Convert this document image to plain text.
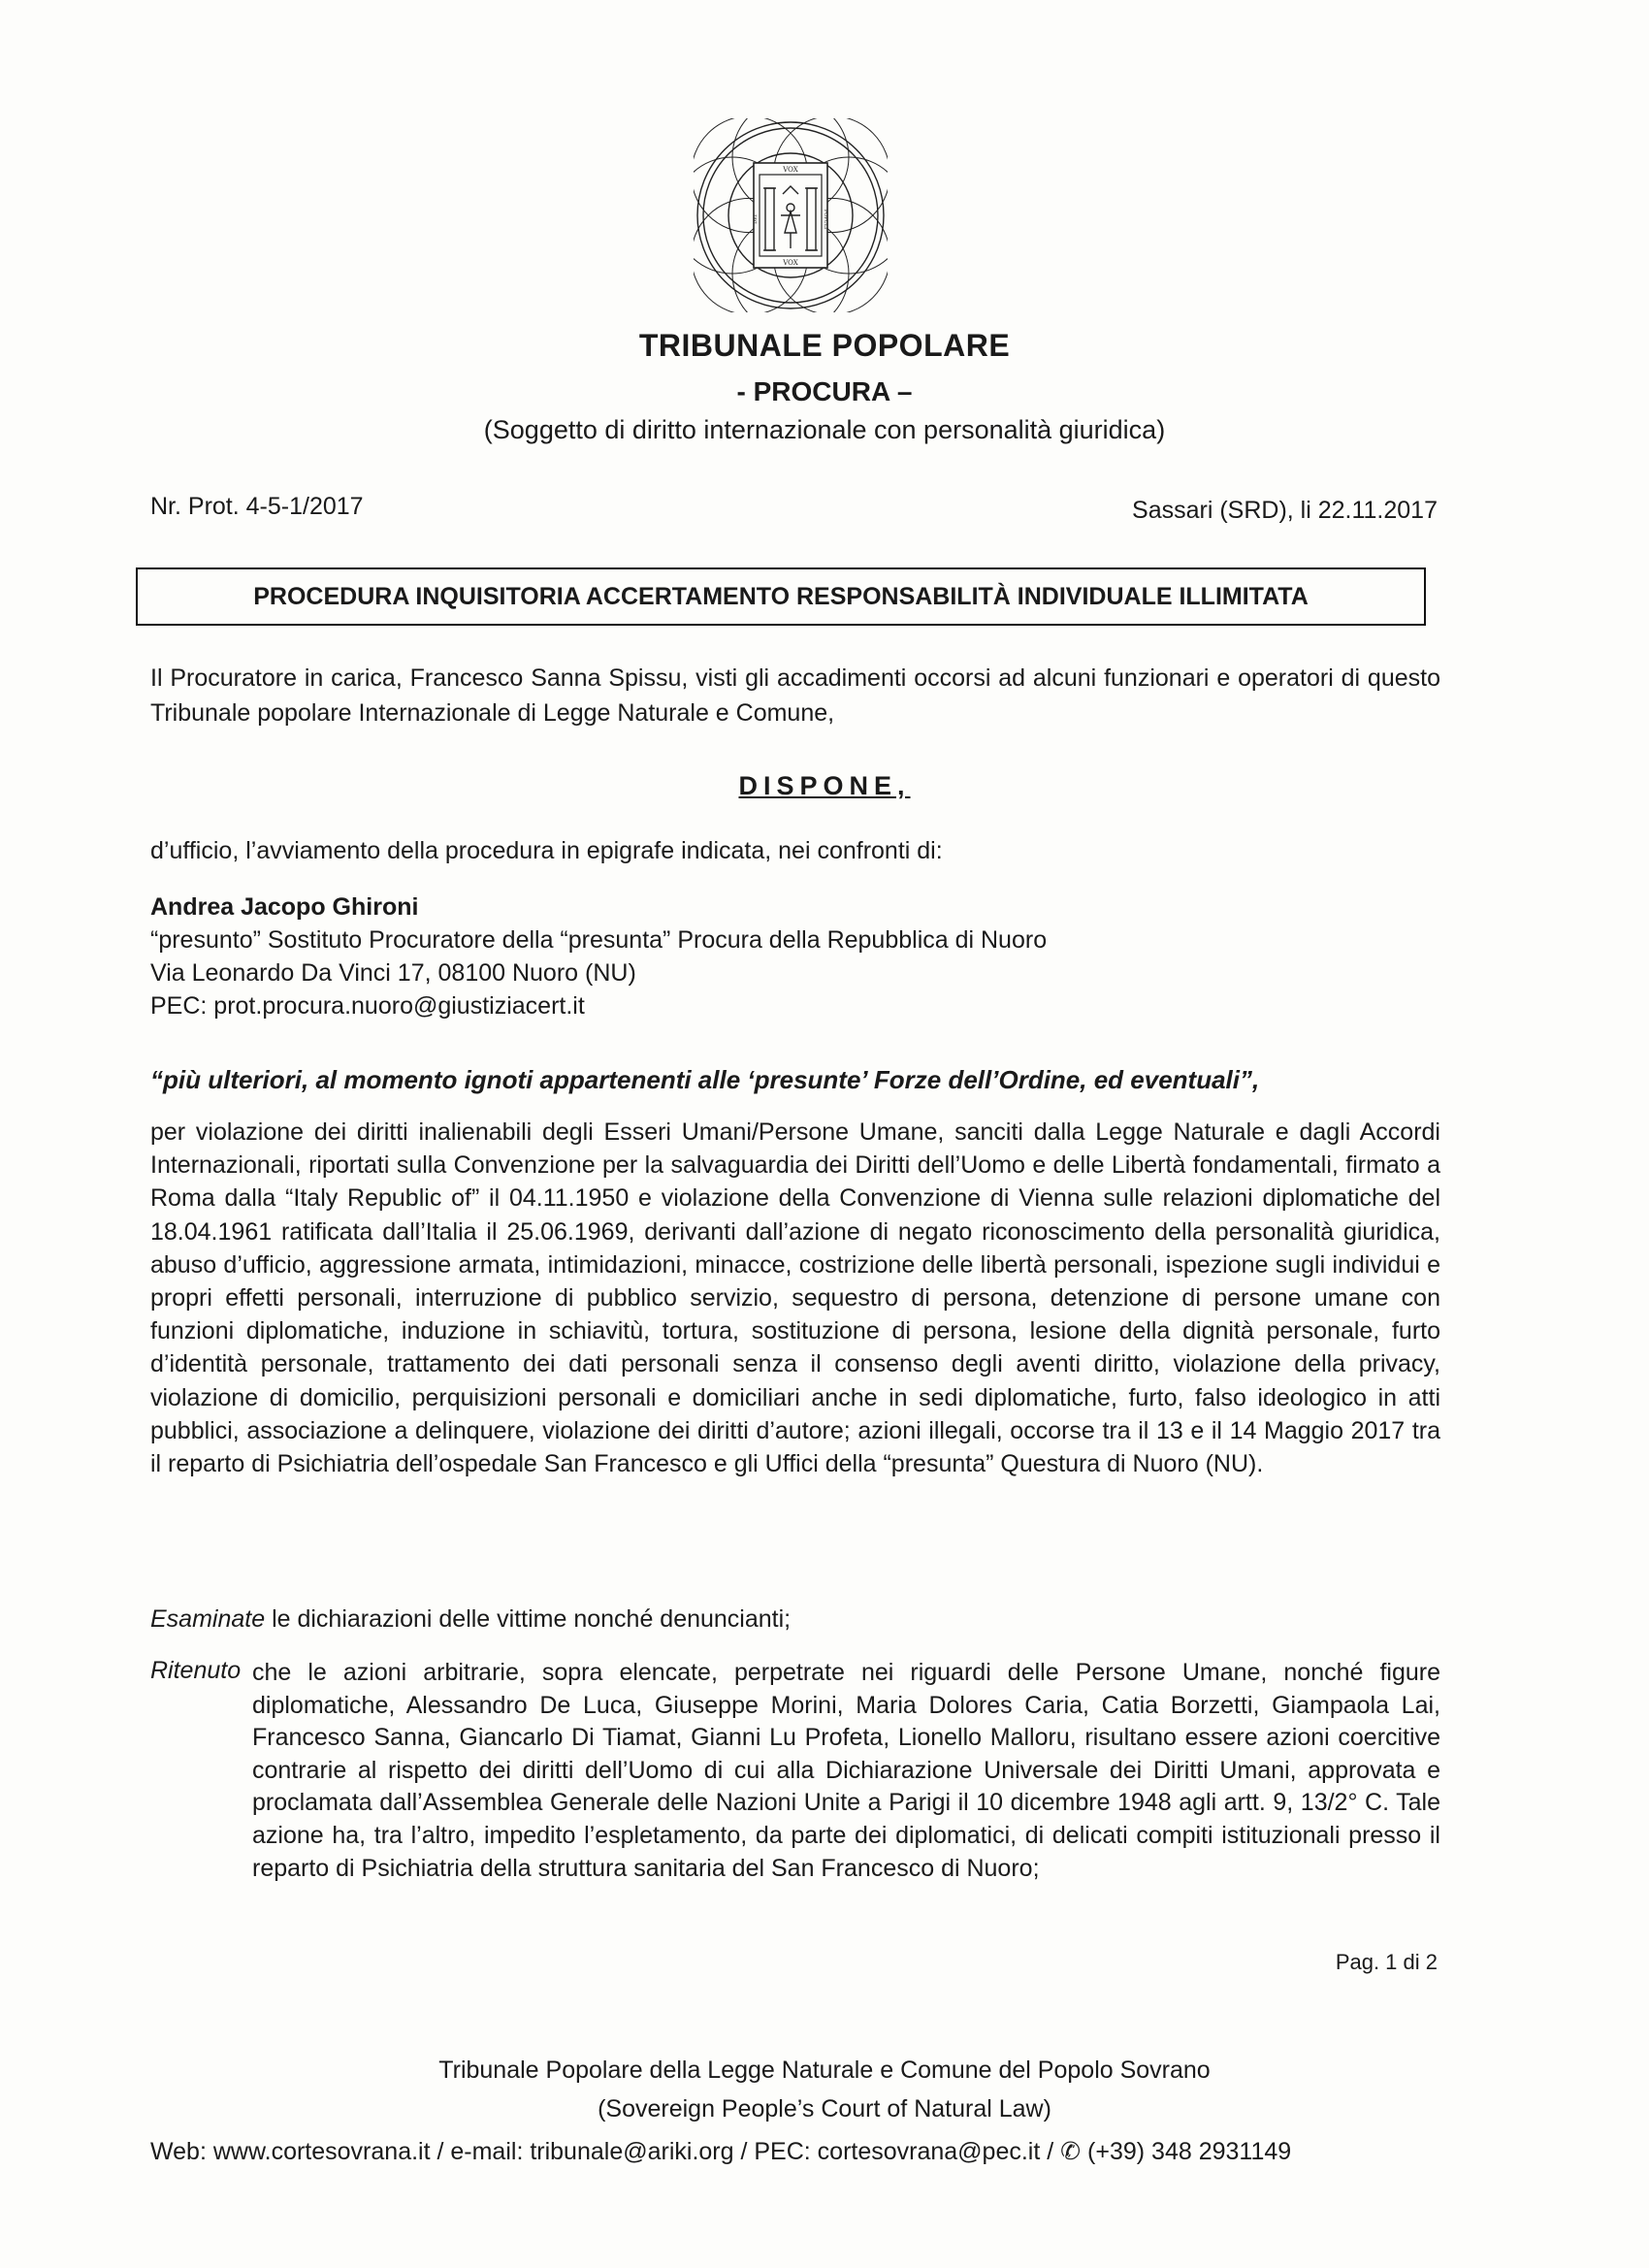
VOX
VOX
DEI	POPULI
TRIBUNALE POPOLARE
- PROCURA –
(Soggetto di diritto internazionale con personalità giuridica)
Nr. Prot. 4-5-1/2017	Sassari (SRD), li 22.11.2017
PROCEDURA INQUISITORIA ACCERTAMENTO RESPONSABILITÀ INDIVIDUALE ILLIMITATA
Il Procuratore in carica, Francesco Sanna Spissu, visti gli accadimenti occorsi ad alcuni funzionari e operatori di questo Tribunale popolare Internazionale di Legge Naturale e Comune,
DISPONE,
d’ufficio, l’avviamento della procedura in epigrafe indicata, nei confronti di:
Andrea Jacopo Ghironi
“presunto” Sostituto Procuratore della “presunta” Procura della Repubblica di Nuoro
Via Leonardo Da Vinci 17, 08100 Nuoro (NU)
PEC: prot.procura.nuoro@giustiziacert.it
“più ulteriori, al momento ignoti appartenenti alle ‘presunte’ Forze dell’Ordine, ed eventuali”,
per violazione dei diritti inalienabili degli Esseri Umani/Persone Umane, sanciti dalla Legge Naturale e dagli Accordi Internazionali, riportati sulla Convenzione per la salvaguardia dei Diritti dell’Uomo e delle Libertà fondamentali, firmato a Roma dalla “Italy Republic of” il 04.11.1950 e violazione della Convenzione di Vienna sulle relazioni diplomatiche del 18.04.1961 ratificata dall’Italia il 25.06.1969, derivanti dall’azione di negato riconoscimento della personalità giuridica, abuso d’ufficio, aggressione armata, intimidazioni, minacce, costrizione delle libertà personali, ispezione sugli individui e propri effetti personali, interruzione di pubblico servizio, sequestro di persona, detenzione di persone umane con funzioni diplomatiche, induzione in schiavitù, tortura, sostituzione di persona, lesione della dignità personale, furto d’identità personale, trattamento dei dati personali senza il consenso degli aventi diritto, violazione della privacy, violazione di domicilio, perquisizioni personali e domiciliari anche in sedi diplomatiche, furto, falso ideologico in atti pubblici, associazione a delinquere, violazione dei diritti d’autore; azioni illegali, occorse tra il 13 e il 14 Maggio 2017 tra il reparto di Psichiatria dell’ospedale San Francesco e gli Uffici della “presunta” Questura di Nuoro (NU).
Esaminate le dichiarazioni delle vittime nonché denuncianti;
Ritenuto che le azioni arbitrarie, sopra elencate, perpetrate nei riguardi delle Persone Umane, nonché figure diplomatiche, Alessandro De Luca, Giuseppe Morini, Maria Dolores Caria, Catia Borzetti, Giampaola Lai, Francesco Sanna, Giancarlo Di Tiamat, Gianni Lu Profeta, Lionello Malloru, risultano essere azioni coercitive contrarie al rispetto dei diritti dell’Uomo di cui alla Dichiarazione Universale dei Diritti Umani, approvata e proclamata dall’Assemblea Generale delle Nazioni Unite a Parigi il 10 dicembre 1948 agli artt. 9, 13/2° C. Tale azione ha, tra l’altro, impedito l’espletamento, da parte dei diplomatici, di delicati compiti istituzionali presso il reparto di Psichiatria della struttura sanitaria del San Francesco di Nuoro;
Pag. 1 di 2
Tribunale Popolare della Legge Naturale e Comune del Popolo Sovrano
(Sovereign People’s Court of Natural Law)
Web: www.cortesovrana.it / e-mail: tribunale@ariki.org / PEC: cortesovrana@pec.it / ✆ (+39) 348 2931149
